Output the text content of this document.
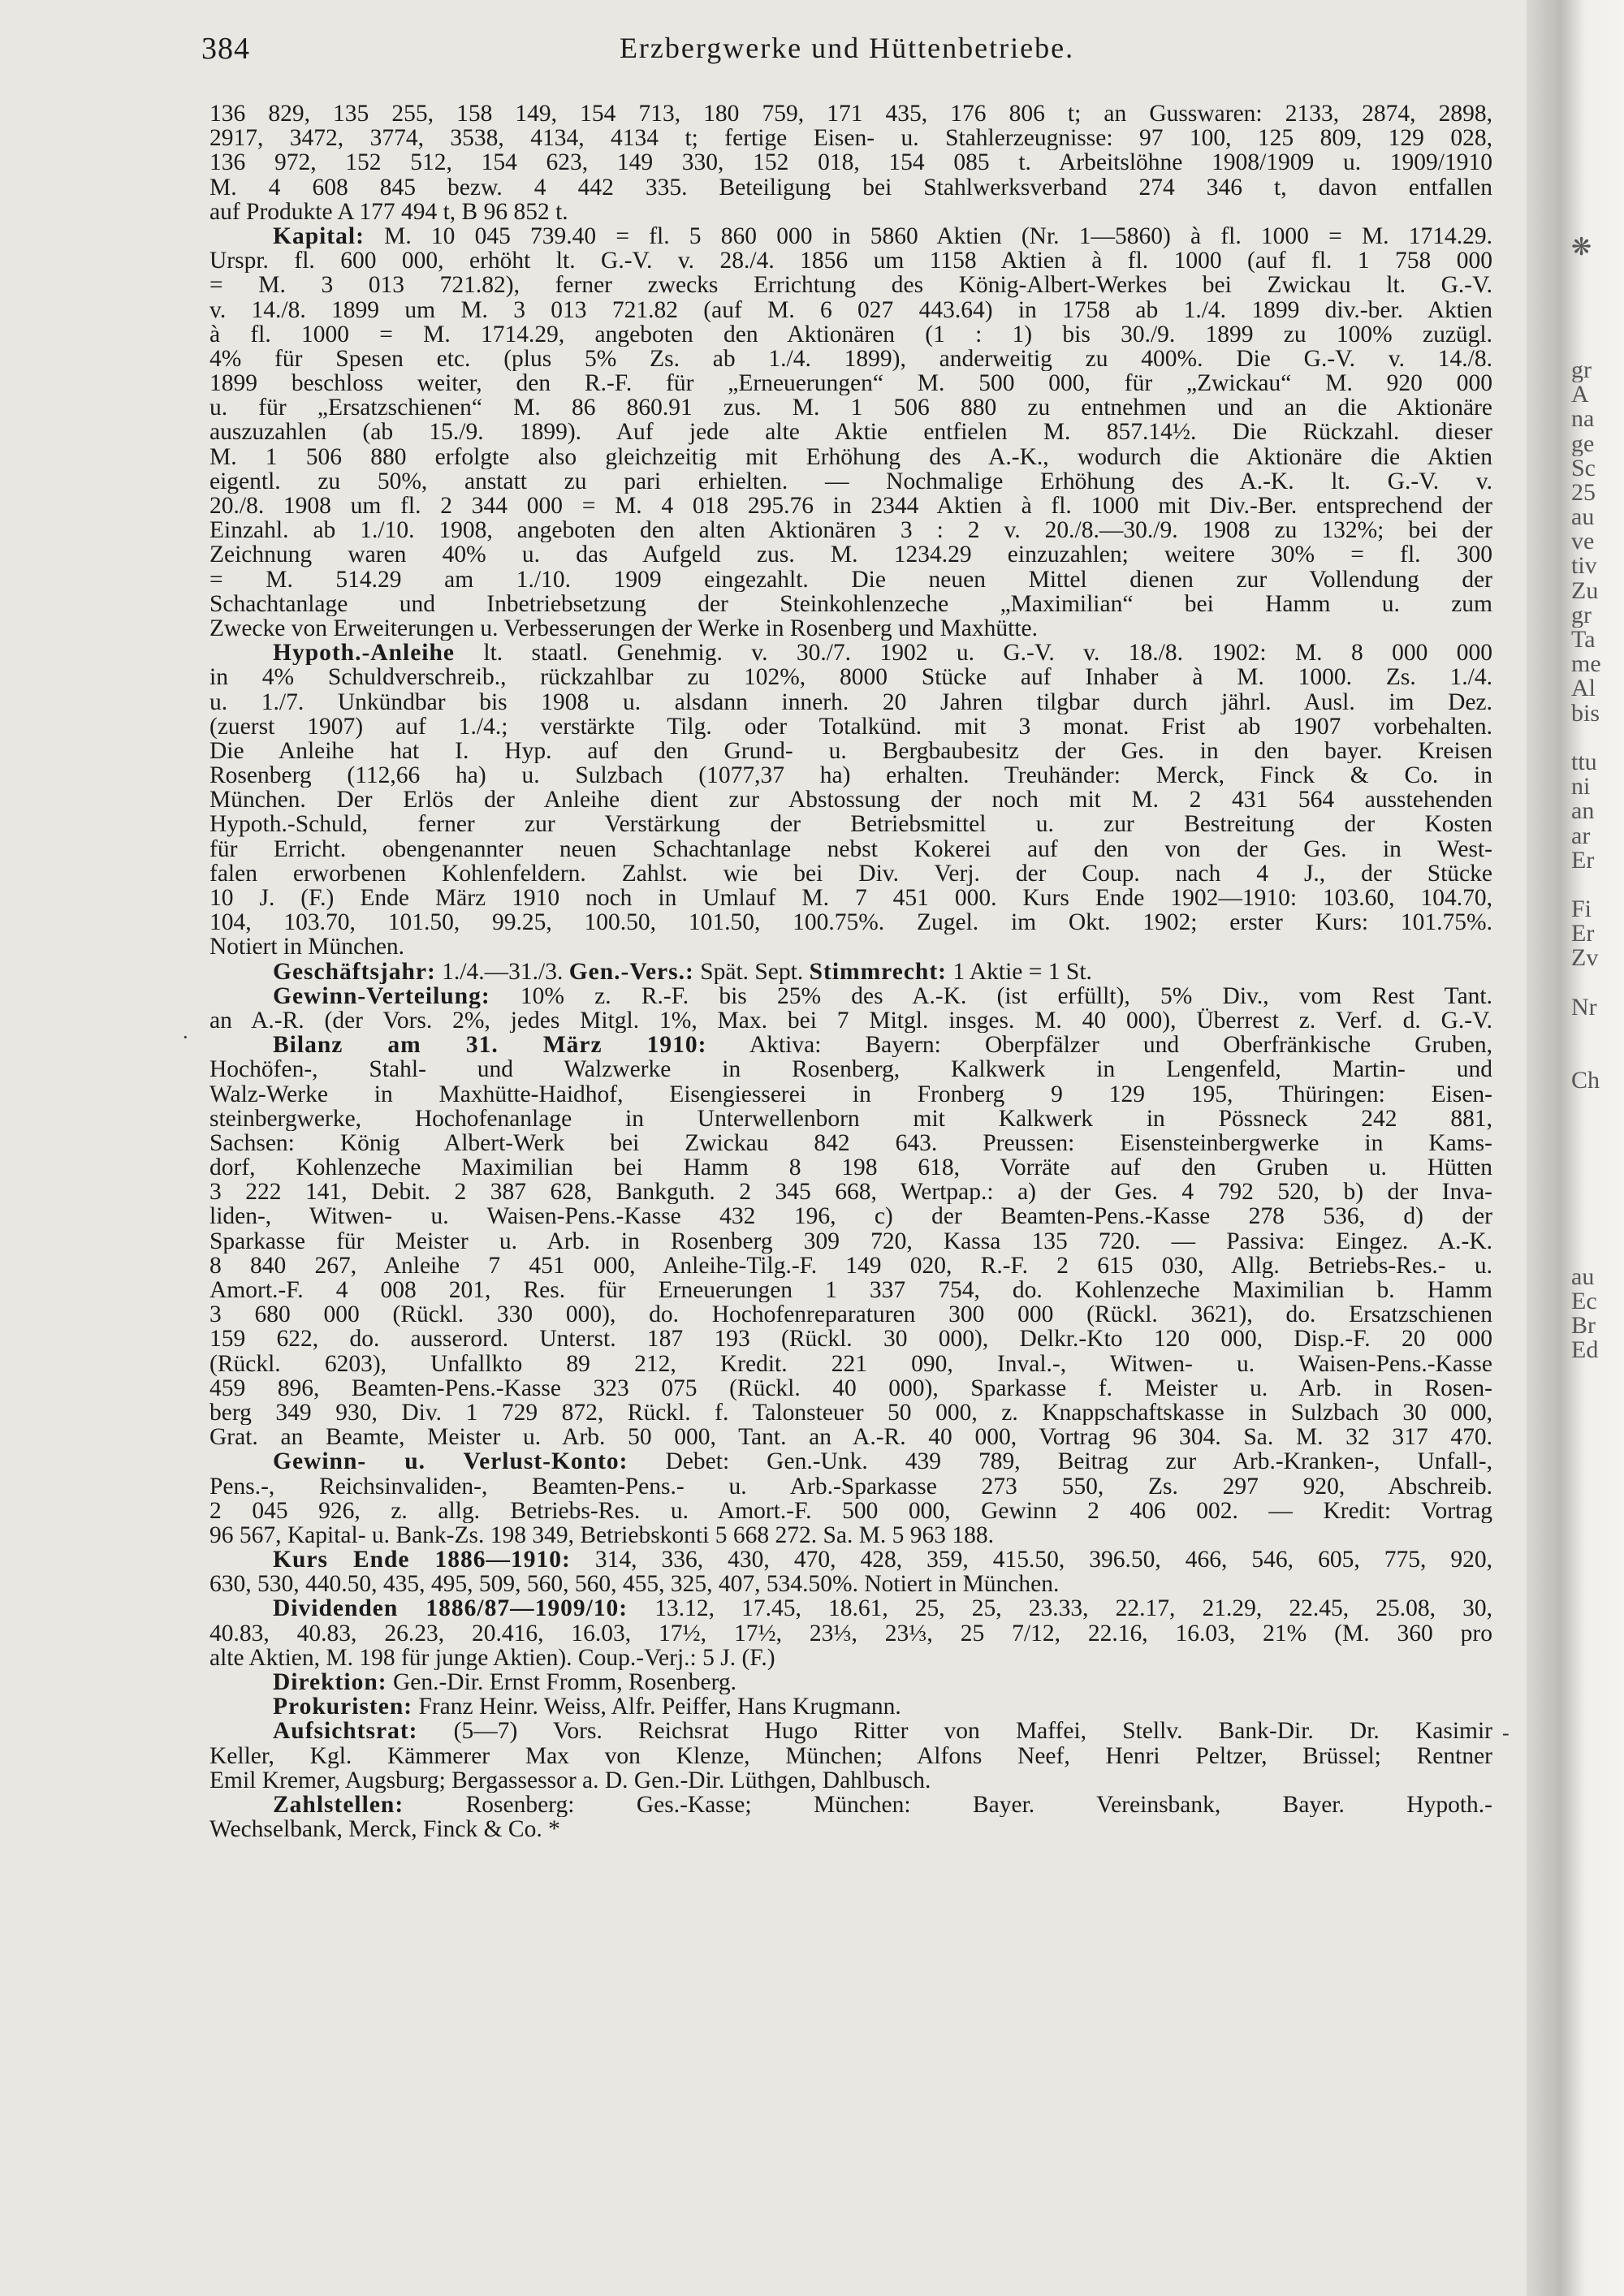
❋
gr
A
na
ge
Sc
25
au
ve
tiv
Zu
gr
Ta
me
Al
bis
ttu
ni
an
ar
Er
Fi
Er
Zv
Nr
Ch
au
Ec
Br
Ed
384	Erzbergwerke und Hüttenbetriebe.
·
-
136 829, 135 255, 158 149, 154 713, 180 759, 171 435, 176 806 t; an Gusswaren: 2133, 2874, 2898,
2917, 3472, 3774, 3538, 4134, 4134 t; fertige Eisen- u. Stahlerzeugnisse: 97 100, 125 809, 129 028,
136 972, 152 512, 154 623, 149 330, 152 018, 154 085 t. Arbeitslöhne 1908/1909 u. 1909/1910
M. 4 608 845 bezw. 4 442 335. Beteiligung bei Stahlwerksverband 274 346 t, davon entfallen
auf Produkte A 177 494 t, B 96 852 t.
Kapital: M. 10 045 739.40 = fl. 5 860 000 in 5860 Aktien (Nr. 1—5860) à fl. 1000 = M. 1714.29.
Urspr. fl. 600 000, erhöht lt. G.-V. v. 28./4. 1856 um 1158 Aktien à fl. 1000 (auf fl. 1 758 000
= M. 3 013 721.82), ferner zwecks Errichtung des König-Albert-Werkes bei Zwickau lt. G.-V.
v. 14./8. 1899 um M. 3 013 721.82 (auf M. 6 027 443.64) in 1758 ab 1./4. 1899 div.-ber. Aktien
à fl. 1000 = M. 1714.29, angeboten den Aktionären (1 : 1) bis 30./9. 1899 zu 100% zuzügl.
4% für Spesen etc. (plus 5% Zs. ab 1./4. 1899), anderweitig zu 400%. Die G.-V. v. 14./8.
1899 beschloss weiter, den R.-F. für „Erneuerungen“ M. 500 000, für „Zwickau“ M. 920 000
u. für „Ersatzschienen“ M. 86 860.91 zus. M. 1 506 880 zu entnehmen und an die Aktionäre
auszuzahlen (ab 15./9. 1899). Auf jede alte Aktie entfielen M. 857.14½. Die Rückzahl. dieser
M. 1 506 880 erfolgte also gleichzeitig mit Erhöhung des A.-K., wodurch die Aktionäre die Aktien
eigentl. zu 50%, anstatt zu pari erhielten. — Nochmalige Erhöhung des A.-K. lt. G.-V. v.
20./8. 1908 um fl. 2 344 000 = M. 4 018 295.76 in 2344 Aktien à fl. 1000 mit Div.-Ber. entsprechend der
Einzahl. ab 1./10. 1908, angeboten den alten Aktionären 3 : 2 v. 20./8.—30./9. 1908 zu 132%; bei der
Zeichnung waren 40% u. das Aufgeld zus. M. 1234.29 einzuzahlen; weitere 30% = fl. 300
= M. 514.29 am 1./10. 1909 eingezahlt. Die neuen Mittel dienen zur Vollendung der
Schachtanlage und Inbetriebsetzung der Steinkohlenzeche „Maximilian“ bei Hamm u. zum
Zwecke von Erweiterungen u. Verbesserungen der Werke in Rosenberg und Maxhütte.
Hypoth.-Anleihe lt. staatl. Genehmig. v. 30./7. 1902 u. G.-V. v. 18./8. 1902: M. 8 000 000
in 4% Schuldverschreib., rückzahlbar zu 102%, 8000 Stücke auf Inhaber à M. 1000. Zs. 1./4.
u. 1./7. Unkündbar bis 1908 u. alsdann innerh. 20 Jahren tilgbar durch jährl. Ausl. im Dez.
(zuerst 1907) auf 1./4.; verstärkte Tilg. oder Totalkünd. mit 3 monat. Frist ab 1907 vorbehalten.
Die Anleihe hat I. Hyp. auf den Grund- u. Bergbaubesitz der Ges. in den bayer. Kreisen
Rosenberg (112,66 ha) u. Sulzbach (1077,37 ha) erhalten. Treuhänder: Merck, Finck & Co. in
München. Der Erlös der Anleihe dient zur Abstossung der noch mit M. 2 431 564 ausstehenden
Hypoth.-Schuld, ferner zur Verstärkung der Betriebsmittel u. zur Bestreitung der Kosten
für Erricht. obengenannter neuen Schachtanlage nebst Kokerei auf den von der Ges. in West-
falen erworbenen Kohlenfeldern. Zahlst. wie bei Div. Verj. der Coup. nach 4 J., der Stücke
10 J. (F.) Ende März 1910 noch in Umlauf M. 7 451 000. Kurs Ende 1902—1910: 103.60, 104.70,
104, 103.70, 101.50, 99.25, 100.50, 101.50, 100.75%. Zugel. im Okt. 1902; erster Kurs: 101.75%.
Notiert in München.
Geschäftsjahr: 1./4.—31./3. Gen.-Vers.: Spät. Sept. Stimmrecht: 1 Aktie = 1 St.
Gewinn-Verteilung: 10% z. R.-F. bis 25% des A.-K. (ist erfüllt), 5% Div., vom Rest Tant.
an A.-R. (der Vors. 2%, jedes Mitgl. 1%, Max. bei 7 Mitgl. insges. M. 40 000), Überrest z. Verf. d. G.-V.
Bilanz am 31. März 1910: Aktiva: Bayern: Oberpfälzer und Oberfränkische Gruben,
Hochöfen-, Stahl- und Walzwerke in Rosenberg, Kalkwerk in Lengenfeld, Martin- und
Walz-Werke in Maxhütte-Haidhof, Eisengiesserei in Fronberg 9 129 195, Thüringen: Eisen-
steinbergwerke, Hochofenanlage in Unterwellenborn mit Kalkwerk in Pössneck 242 881,
Sachsen: König Albert-Werk bei Zwickau 842 643. Preussen: Eisensteinbergwerke in Kams-
dorf, Kohlenzeche Maximilian bei Hamm 8 198 618, Vorräte auf den Gruben u. Hütten
3 222 141, Debit. 2 387 628, Bankguth. 2 345 668, Wertpap.: a) der Ges. 4 792 520, b) der Inva-
liden-, Witwen- u. Waisen-Pens.-Kasse 432 196, c) der Beamten-Pens.-Kasse 278 536, d) der
Sparkasse für Meister u. Arb. in Rosenberg 309 720, Kassa 135 720. — Passiva: Eingez. A.-K.
8 840 267, Anleihe 7 451 000, Anleihe-Tilg.-F. 149 020, R.-F. 2 615 030, Allg. Betriebs-Res.- u.
Amort.-F. 4 008 201, Res. für Erneuerungen 1 337 754, do. Kohlenzeche Maximilian b. Hamm
3 680 000 (Rückl. 330 000), do. Hochofenreparaturen 300 000 (Rückl. 3621), do. Ersatzschienen
159 622, do. ausserord. Unterst. 187 193 (Rückl. 30 000), Delkr.-Kto 120 000, Disp.-F. 20 000
(Rückl. 6203), Unfallkto 89 212, Kredit. 221 090, Inval.-, Witwen- u. Waisen-Pens.-Kasse
459 896, Beamten-Pens.-Kasse 323 075 (Rückl. 40 000), Sparkasse f. Meister u. Arb. in Rosen-
berg 349 930, Div. 1 729 872, Rückl. f. Talonsteuer 50 000, z. Knappschaftskasse in Sulzbach 30 000,
Grat. an Beamte, Meister u. Arb. 50 000, Tant. an A.-R. 40 000, Vortrag 96 304. Sa. M. 32 317 470.
Gewinn- u. Verlust-Konto: Debet: Gen.-Unk. 439 789, Beitrag zur Arb.-Kranken-, Unfall-,
Pens.-, Reichsinvaliden-, Beamten-Pens.- u. Arb.-Sparkasse 273 550, Zs. 297 920, Abschreib.
2 045 926, z. allg. Betriebs-Res. u. Amort.-F. 500 000, Gewinn 2 406 002. — Kredit: Vortrag
96 567, Kapital- u. Bank-Zs. 198 349, Betriebskonti 5 668 272. Sa. M. 5 963 188.
Kurs Ende 1886—1910: 314, 336, 430, 470, 428, 359, 415.50, 396.50, 466, 546, 605, 775, 920,
630, 530, 440.50, 435, 495, 509, 560, 560, 455, 325, 407, 534.50%. Notiert in München.
Dividenden 1886/87—1909/10: 13.12, 17.45, 18.61, 25, 25, 23.33, 22.17, 21.29, 22.45, 25.08, 30,
40.83, 40.83, 26.23, 20.416, 16.03, 17½, 17½, 23⅓, 23⅓, 25 7/12, 22.16, 16.03, 21% (M. 360 pro
alte Aktien, M. 198 für junge Aktien). Coup.-Verj.: 5 J. (F.)
Direktion: Gen.-Dir. Ernst Fromm, Rosenberg.
Prokuristen: Franz Heinr. Weiss, Alfr. Peiffer, Hans Krugmann.
Aufsichtsrat: (5—7) Vors. Reichsrat Hugo Ritter von Maffei, Stellv. Bank-Dir. Dr. Kasimir
Keller, Kgl. Kämmerer Max von Klenze, München; Alfons Neef, Henri Peltzer, Brüssel; Rentner
Emil Kremer, Augsburg; Bergassessor a. D. Gen.-Dir. Lüthgen, Dahlbusch.
Zahlstellen: Rosenberg: Ges.-Kasse; München: Bayer. Vereinsbank, Bayer. Hypoth.-
Wechselbank, Merck, Finck & Co. *
